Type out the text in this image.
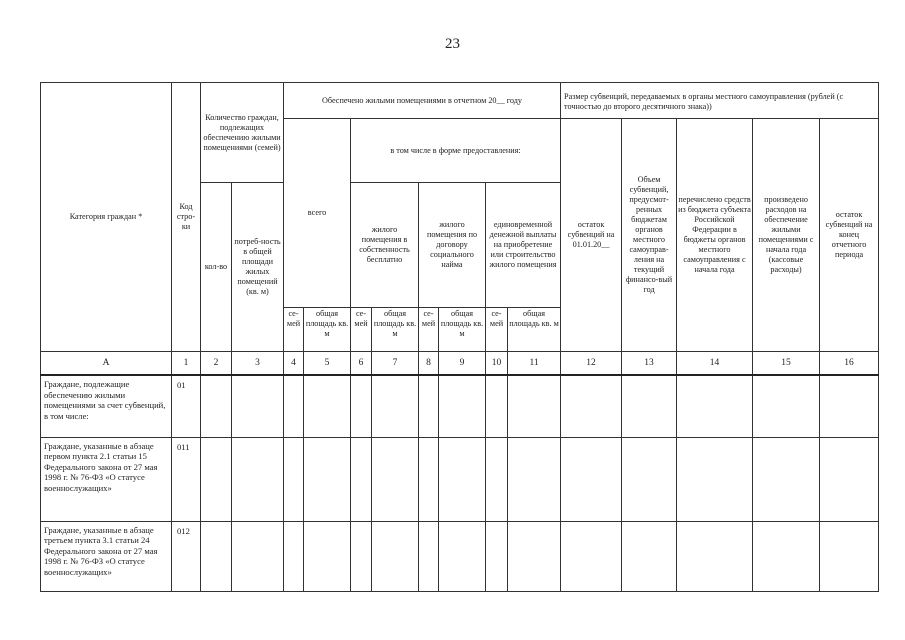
23
Категория граждан *	Код стро-ки	Количество граждан, подлежащих обеспечению жилыми помещениями (семей)		Обеспечено жилыми помещениями в отчетном 20__ году								Размер субвенций, передаваемых в органы местного самоуправления (рублей (с точностью до второго десятичного знака))				
				всего		в том числе в форме предоставления:						остаток субвенций на 01.01.20__	Объем субвенций, предусмот-ренных бюджетам органов местного самоуправ-ления на текущий финансо-вый год	перечислено средств из бюджета субъекта Российской Федерации в бюджеты органов местного самоуправления с начала года	произведено расходов на обеспечение жилыми помещениями с начала года (кассовые расходы)	остаток субвенций на конец отчетного периода
		кол-во	потреб-ность в общей площади жилых помещений (кв. м)			жилого помещения в собственность бесплатно		жилого помещения по договору социального найма		единовременной денежной выплаты на приобретение или строительство жилого помещения						

				се-мей	общая площадь кв. м	се-мей	общая площадь кв. м	се-мей	общая площадь кв. м	се-мей	общая площадь кв. м					
А	1	2	3	4	5	6	7	8	9	10	11	12	13	14	15	16
Граждане, подлежащие обеспечению жилыми помещениями за счет субвенций, в том числе:	01															
Граждане, указанные в абзаце первом пункта 2.1 статьи 15 Федерального закона от 27 мая 1998 г. № 76-ФЗ «О статусе военнослужащих»	011															
Граждане, указанные в абзаце третьем пункта 3.1 статьи 24 Федерального закона от 27 мая 1998 г. № 76-ФЗ «О статусе военнослужащих»	012															
